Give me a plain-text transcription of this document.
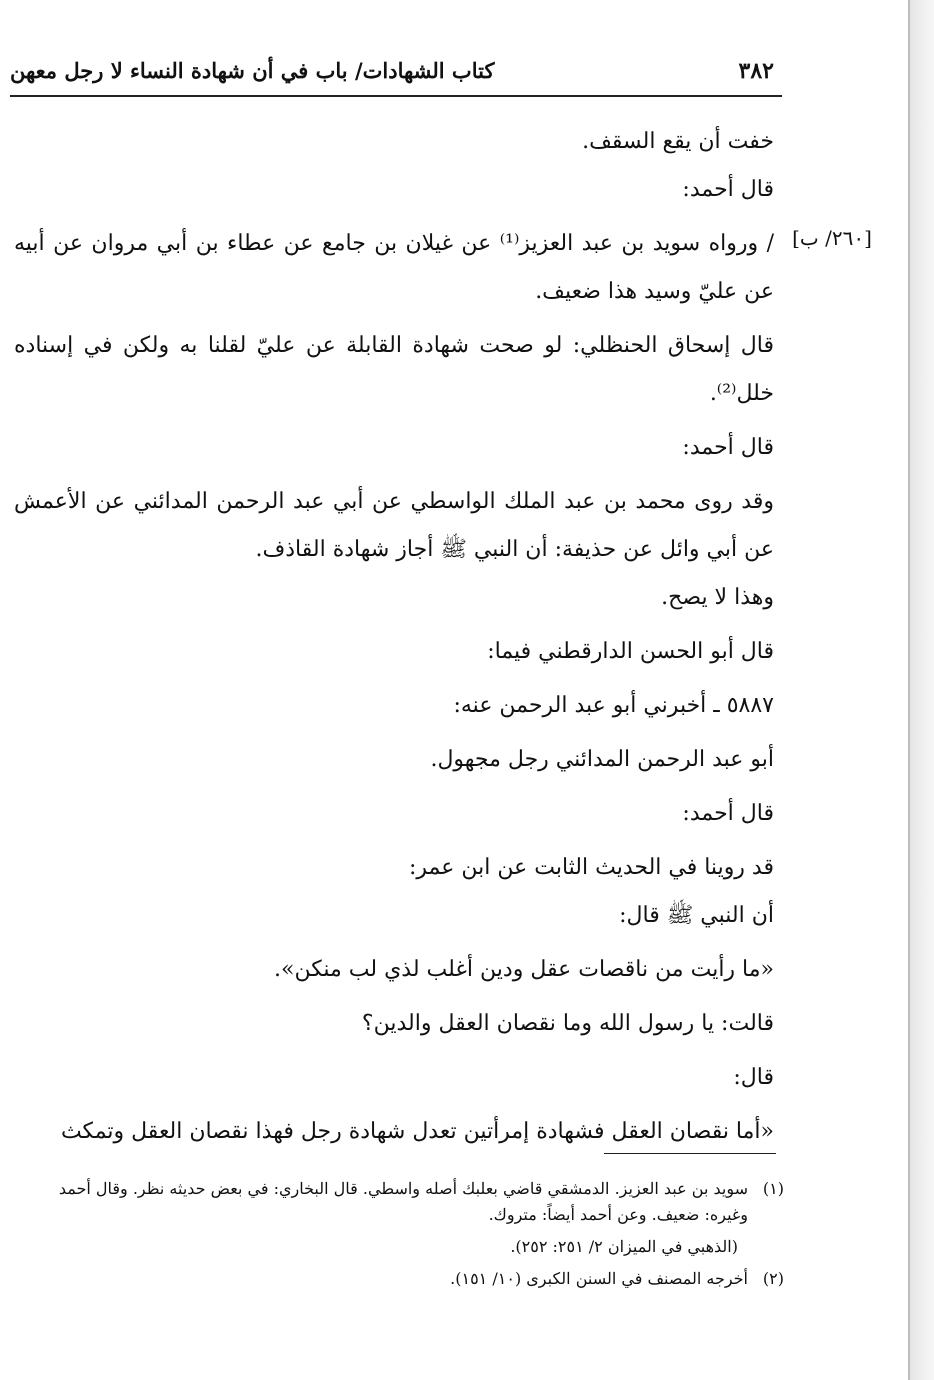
٣٨٢
كتاب الشهادات/ باب في أن شهادة النساء لا رجل معهن
[٢٦٠/ ب]

خفت أن يقع السقف.

قال أحمد:

/ ورواه سويد بن عبد العزيز⁽¹⁾ عن غيلان بن جامع عن عطاء بن أبي مروان عن أبيه عن عليّ وسيد هذا ضعيف.

قال إسحاق الحنظلي: لو صحت شهادة القابلة عن عليّ لقلنا به ولكن في إسناده خلل⁽²⁾.

قال أحمد:

وقد روى محمد بن عبد الملك الواسطي عن أبي عبد الرحمن المدائني عن الأعمش عن أبي وائل عن حذيفة: أن النبي ﷺ أجاز شهادة القاذف.

وهذا لا يصح.

قال أبو الحسن الدارقطني فيما:

٥٨٨٧ ـ أخبرني أبو عبد الرحمن عنه:

أبو عبد الرحمن المدائني رجل مجهول.

قال أحمد:

قد روينا في الحديث الثابت عن ابن عمر:

أن النبي ﷺ قال:

«ما رأيت من ناقصات عقل ودين أغلب لذي لب منكن».

قالت: يا رسول الله وما نقصان العقل والدين؟

قال:

«أما نقصان العقل فشهادة إمرأتين تعدل شهادة رجل فهذا نقصان العقل وتمكث

(١)
سويد بن عبد العزيز. الدمشقي قاضي بعلبك أصله واسطي. قال البخاري: في بعض حديثه نظر. وقال أحمد وغيره: ضعيف. وعن أحمد أيضاً: متروك.
(الذهبي في الميزان ٢/ ٢٥١: ٢٥٢).
(٢)
أخرجه المصنف في السنن الكبرى (١٠/ ١٥١).
